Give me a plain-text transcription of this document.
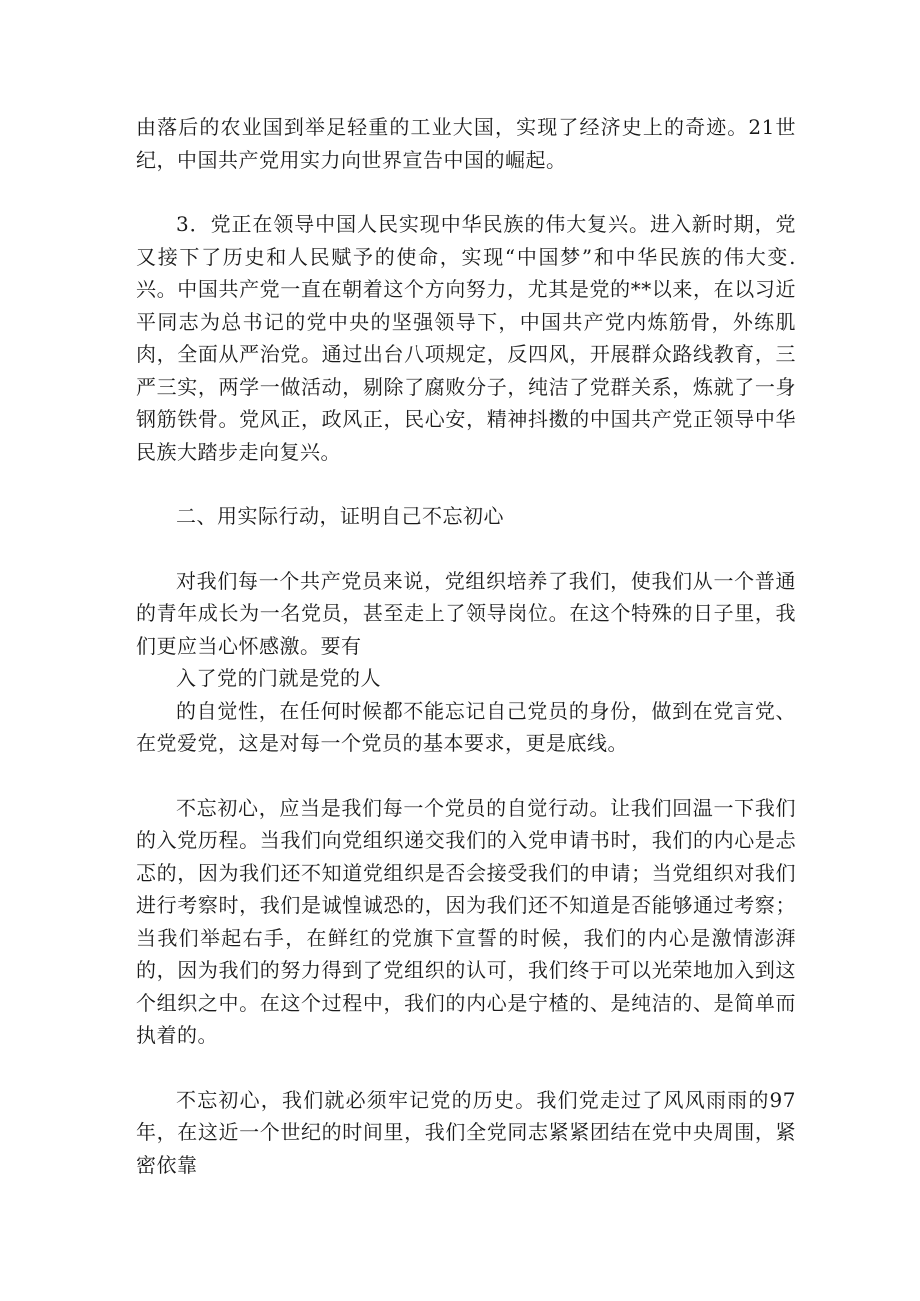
由落后的农业国到举足轻重的工业大国，实现了经济史上的奇迹。21世纪，中国共产党用实力向世界宣告中国的崛起。

3．党正在领导中国人民实现中华民族的伟大复兴。进入新时期，党又接下了历史和人民赋予的使命，实现“中国梦”和中华民族的伟大变.兴。中国共产党一直在朝着这个方向努力，尤其是党的**以来，在以习近平同志为总书记的党中央的坚强领导下，中国共产党内炼筋骨，外练肌肉，全面从严治党。通过出台八项规定，反四风，开展群众路线教育，三严三实，两学一做活动，剔除了腐败分子，纯洁了党群关系，炼就了一身钢筋铁骨。党风正，政风正，民心安，精神抖擞的中国共产党正领导中华民族大踏步走向复兴。

二、用实际行动，证明自己不忘初心

对我们每一个共产党员来说，党组织培养了我们，使我们从一个普通的青年成长为一名党员，甚至走上了领导岗位。在这个特殊的日子里，我们更应当心怀感激。要有

入了党的门就是党的人

的自觉性，在任何时候都不能忘记自己党员的身份，做到在党言党、在党爱党，这是对每一个党员的基本要求，更是底线。

不忘初心，应当是我们每一个党员的自觉行动。让我们回温一下我们的入党历程。当我们向党组织递交我们的入党申请书时，我们的内心是忐忑的，因为我们还不知道党组织是否会接受我们的申请；当党组织对我们进行考察时，我们是诚惶诚恐的，因为我们还不知道是否能够通过考察；当我们举起右手，在鲜红的党旗下宣誓的时候，我们的内心是激情澎湃的，因为我们的努力得到了党组织的认可，我们终于可以光荣地加入到这个组织之中。在这个过程中，我们的内心是宁楂的、是纯洁的、是简单而执着的。

不忘初心，我们就必须牢记党的历史。我们党走过了风风雨雨的97年，在这近一个世纪的时间里，我们全党同志紧紧团结在党中央周围，紧密依靠
